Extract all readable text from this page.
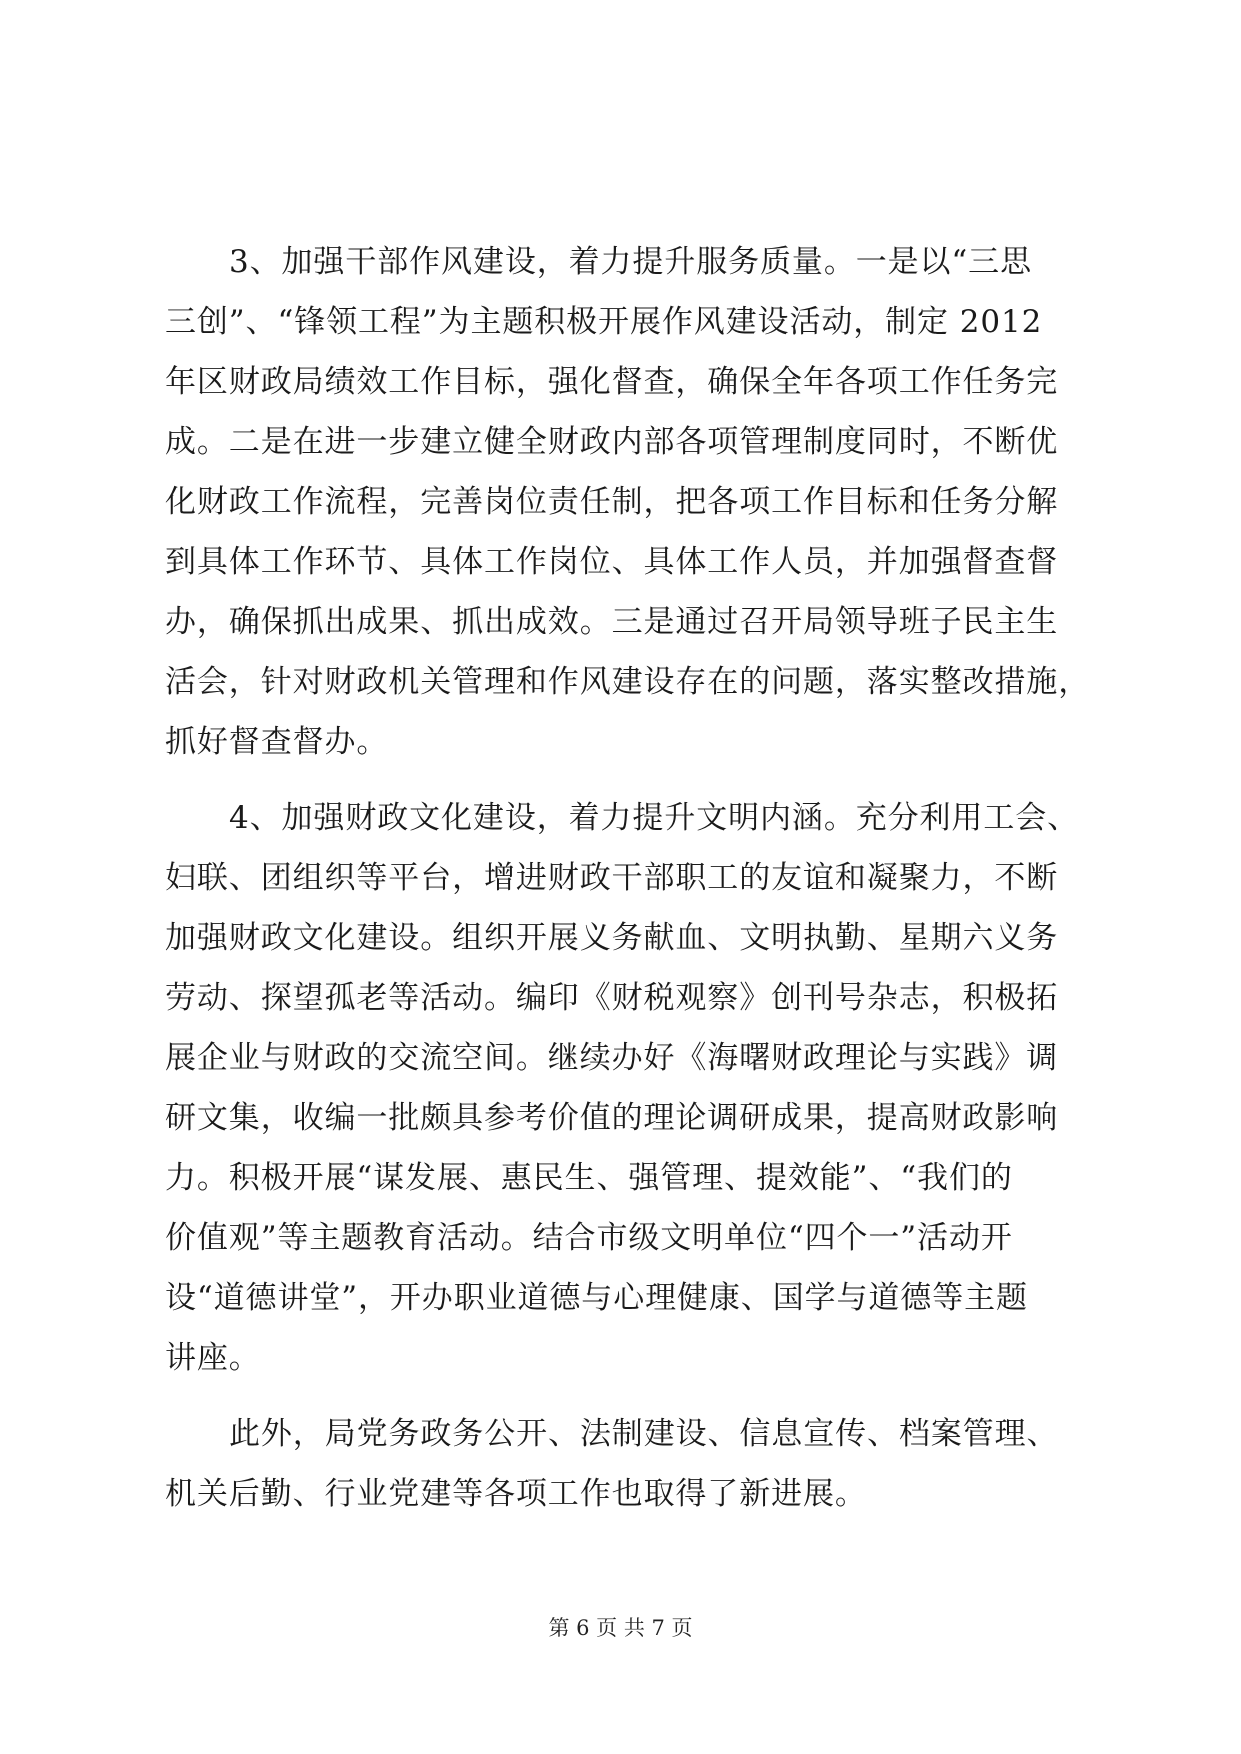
3、加强干部作风建设，着力提升服务质量。一是以“三思
三创”、“锋领工程”为主题积极开展作风建设活动，制定 2012
年区财政局绩效工作目标，强化督查，确保全年各项工作任务完
成。二是在进一步建立健全财政内部各项管理制度同时，不断优
化财政工作流程，完善岗位责任制，把各项工作目标和任务分解
到具体工作环节、具体工作岗位、具体工作人员，并加强督查督
办，确保抓出成果、抓出成效。三是通过召开局领导班子民主生
活会，针对财政机关管理和作风建设存在的问题，落实整改措施，
抓好督查督办。
4、加强财政文化建设，着力提升文明内涵。充分利用工会、
妇联、团组织等平台，增进财政干部职工的友谊和凝聚力，不断
加强财政文化建设。组织开展义务献血、文明执勤、星期六义务
劳动、探望孤老等活动。编印《财税观察》创刊号杂志，积极拓
展企业与财政的交流空间。继续办好《海曙财政理论与实践》调
研文集，收编一批颇具参考价值的理论调研成果，提高财政影响
力。积极开展“谋发展、惠民生、强管理、提效能”、“我们的
价值观”等主题教育活动。结合市级文明单位“四个一”活动开
设“道德讲堂”，开办职业道德与心理健康、国学与道德等主题
讲座。
此外，局党务政务公开、法制建设、信息宣传、档案管理、
机关后勤、行业党建等各项工作也取得了新进展。
第 6 页 共 7 页
